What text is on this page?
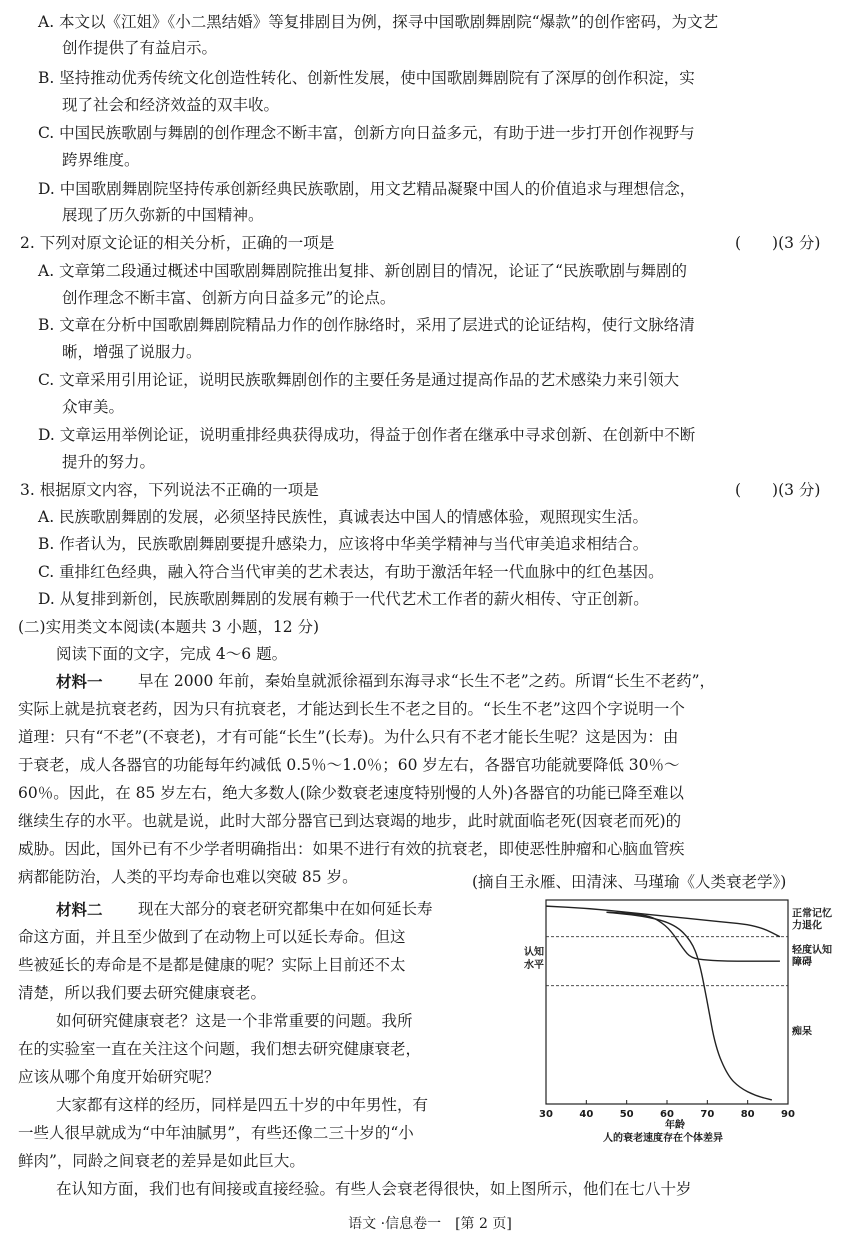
A. 本文以《江姐》《小二黑结婚》等复排剧目为例，探寻中国歌剧舞剧院“爆款”的创作密码，为文艺
创作提供了有益启示。
B. 坚持推动优秀传统文化创造性转化、创新性发展，使中国歌剧舞剧院有了深厚的创作积淀，实
现了社会和经济效益的双丰收。
C. 中国民族歌剧与舞剧的创作理念不断丰富，创新方向日益多元，有助于进一步打开创作视野与
跨界维度。
D. 中国歌剧舞剧院坚持传承创新经典民族歌剧，用文艺精品凝聚中国人的价值追求与理想信念，
展现了历久弥新的中国精神。
2. 下列对原文论证的相关分析，正确的一项是	(　　)(3 分)
A. 文章第二段通过概述中国歌剧舞剧院推出复排、新创剧目的情况，论证了“民族歌剧与舞剧的
创作理念不断丰富、创新方向日益多元”的论点。
B. 文章在分析中国歌剧舞剧院精品力作的创作脉络时，采用了层进式的论证结构，使行文脉络清
晰，增强了说服力。
C. 文章采用引用论证，说明民族歌舞剧创作的主要任务是通过提高作品的艺术感染力来引领大
众审美。
D. 文章运用举例论证，说明重排经典获得成功，得益于创作者在继承中寻求创新、在创新中不断
提升的努力。
3. 根据原文内容，下列说法不正确的一项是	(　　)(3 分)
A. 民族歌剧舞剧的发展，必须坚持民族性，真诚表达中国人的情感体验，观照现实生活。
B. 作者认为，民族歌剧舞剧要提升感染力，应该将中华美学精神与当代审美追求相结合。
C. 重排红色经典，融入符合当代审美的艺术表达，有助于激活年轻一代血脉中的红色基因。
D. 从复排到新创，民族歌剧舞剧的发展有赖于一代代艺术工作者的薪火相传、守正创新。
(二)实用类文本阅读(本题共 3 小题，12 分)
阅读下面的文字，完成 4～6 题。
材料一 早在 2000 年前，秦始皇就派徐福到东海寻求“长生不老”之药。所谓“长生不老药”，
实际上就是抗衰老药，因为只有抗衰老，才能达到长生不老之目的。“长生不老”这四个字说明一个
道理：只有“不老”(不衰老)，才有可能“长生”(长寿)。为什么只有不老才能长生呢？这是因为：由
于衰老，成人各器官的功能每年约减低 0.5％～1.0％；60 岁左右，各器官功能就要降低 30％～
60％。因此，在 85 岁左右，绝大多数人(除少数衰老速度特别慢的人外)各器官的功能已降至难以
继续生存的水平。也就是说，此时大部分器官已到达衰竭的地步，此时就面临老死(因衰老而死)的
威胁。因此，国外已有不少学者明确指出：如果不进行有效的抗衰老，即使恶性肿瘤和心脑血管疾
病都能防治，人类的平均寿命也难以突破 85 岁。	(摘自王永雁、田清涞、马瑾瑜《人类衰老学》)
材料二 现在大部分的衰老研究都集中在如何延长寿
命这方面，并且至少做到了在动物上可以延长寿命。但这
些被延长的寿命是不是都是健康的呢？实际上目前还不太
清楚，所以我们要去研究健康衰老。
如何研究健康衰老？这是一个非常重要的问题。我所
在的实验室一直在关注这个问题，我们想去研究健康衰老，
应该从哪个角度开始研究呢？
大家都有这样的经历，同样是四五十岁的中年男性，有
一些人很早就成为“中年油腻男”，有些还像二三十岁的“小
鲜肉”，同龄之间衰老的差异是如此巨大。
在认知方面，我们也有间接或直接经验。有些人会衰老得很快，如上图所示，他们在七八十岁
30	40	50	60	70	80	90
年龄
人的衰老速度存在个体差异
认知
水平
正常记忆
力退化
轻度认知
障碍
痴呆
语文 ·信息卷一　[第 2 页]
